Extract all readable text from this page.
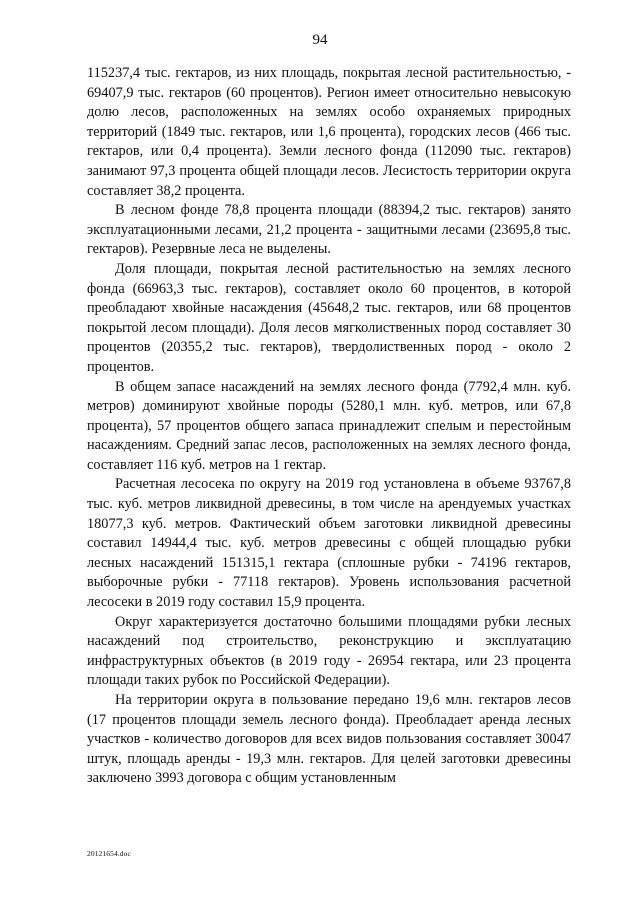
94

115237,4 тыс. гектаров, из них площадь, покрытая лесной растительностью, - 69407,9 тыс. гектаров (60 процентов). Регион имеет относительно невысокую долю лесов, расположенных на землях особо охраняемых природных территорий (1849 тыс. гектаров, или 1,6 процента), городских лесов (466 тыс. гектаров, или 0,4 процента). Земли лесного фонда (112090 тыс. гектаров) занимают 97,3 процента общей площади лесов. Лесистость территории округа составляет 38,2 процента.

В лесном фонде 78,8 процента площади (88394,2 тыс. гектаров) занято эксплуатационными лесами, 21,2 процента - защитными лесами (23695,8 тыс. гектаров). Резервные леса не выделены.

Доля площади, покрытая лесной растительностью на землях лесного фонда (66963,3 тыс. гектаров), составляет около 60 процентов, в которой преобладают хвойные насаждения (45648,2 тыс. гектаров, или 68 процентов покрытой лесом площади). Доля лесов мягколиственных пород составляет 30 процентов (20355,2 тыс. гектаров), твердолиственных пород - около 2 процентов.

В общем запасе насаждений на землях лесного фонда (7792,4 млн. куб. метров) доминируют хвойные породы (5280,1 млн. куб. метров, или 67,8 процента), 57 процентов общего запаса принадлежит спелым и перестойным насаждениям. Средний запас лесов, расположенных на землях лесного фонда, составляет 116 куб. метров на 1 гектар.

Расчетная лесосека по округу на 2019 год установлена в объеме 93767,8 тыс. куб. метров ликвидной древесины, в том числе на арендуемых участках 18077,3 куб. метров. Фактический объем заготовки ликвидной древесины составил 14944,4 тыс. куб. метров древесины с общей площадью рубки лесных насаждений 151315,1 гектара (сплошные рубки - 74196 гектаров, выборочные рубки - 77118 гектаров). Уровень использования расчетной лесосеки в 2019 году составил 15,9 процента.

Округ характеризуется достаточно большими площадями рубки лесных насаждений под строительство, реконструкцию и эксплуатацию инфраструктурных объектов (в 2019 году - 26954 гектара, или 23 процента площади таких рубок по Российской Федерации).

На территории округа в пользование передано 19,6 млн. гектаров лесов (17 процентов площади земель лесного фонда). Преобладает аренда лесных участков - количество договоров для всех видов пользования составляет 30047 штук, площадь аренды - 19,3 млн. гектаров. Для целей заготовки древесины заключено 3993 договора с общим установленным

20121654.doc
